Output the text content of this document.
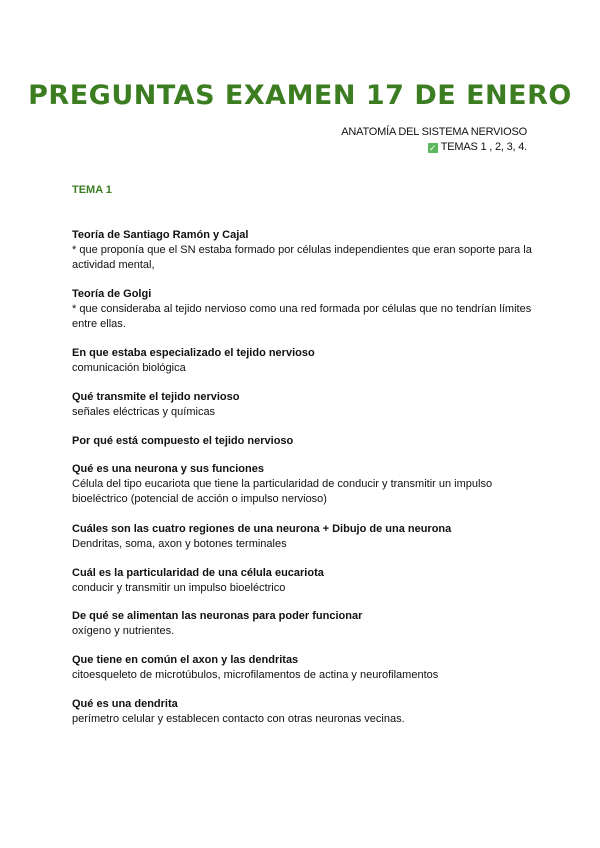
PREGUNTAS EXAMEN 17 DE ENERO
ANATOMÍA DEL SISTEMA NERVIOSO
✓ TEMAS 1 , 2, 3, 4.
TEMA 1
Teoría de Santiago Ramón y Cajal
* que proponía que el SN estaba formado por células independientes que eran soporte para la actividad mental,
Teoría de Golgi
* que consideraba al tejido nervioso como una red formada por células que no tendrían límites entre ellas.
En que estaba especializado el tejido nervioso
comunicación biológica
Qué transmite el tejido nervioso
señales eléctricas y químicas
Por qué está compuesto el tejido nervioso
Qué es una neurona y sus funciones
Célula del tipo eucariota que tiene la particularidad de conducir y transmitir un impulso bioeléctrico (potencial de acción o impulso nervioso)
Cuáles son las cuatro regiones de una neurona + Dibujo de una neurona
Dendritas, soma, axon y botones terminales
Cuál es la particularidad de una célula eucariota
conducir y transmitir un impulso bioeléctrico
De qué se alimentan las neuronas para poder funcionar
oxígeno y nutrientes.
Que tiene en común el axon y las dendritas
citoesqueleto de microtúbulos, microfilamentos de actina y neurofilamentos
Qué es una dendrita
perímetro celular y establecen contacto con otras neuronas vecinas.
